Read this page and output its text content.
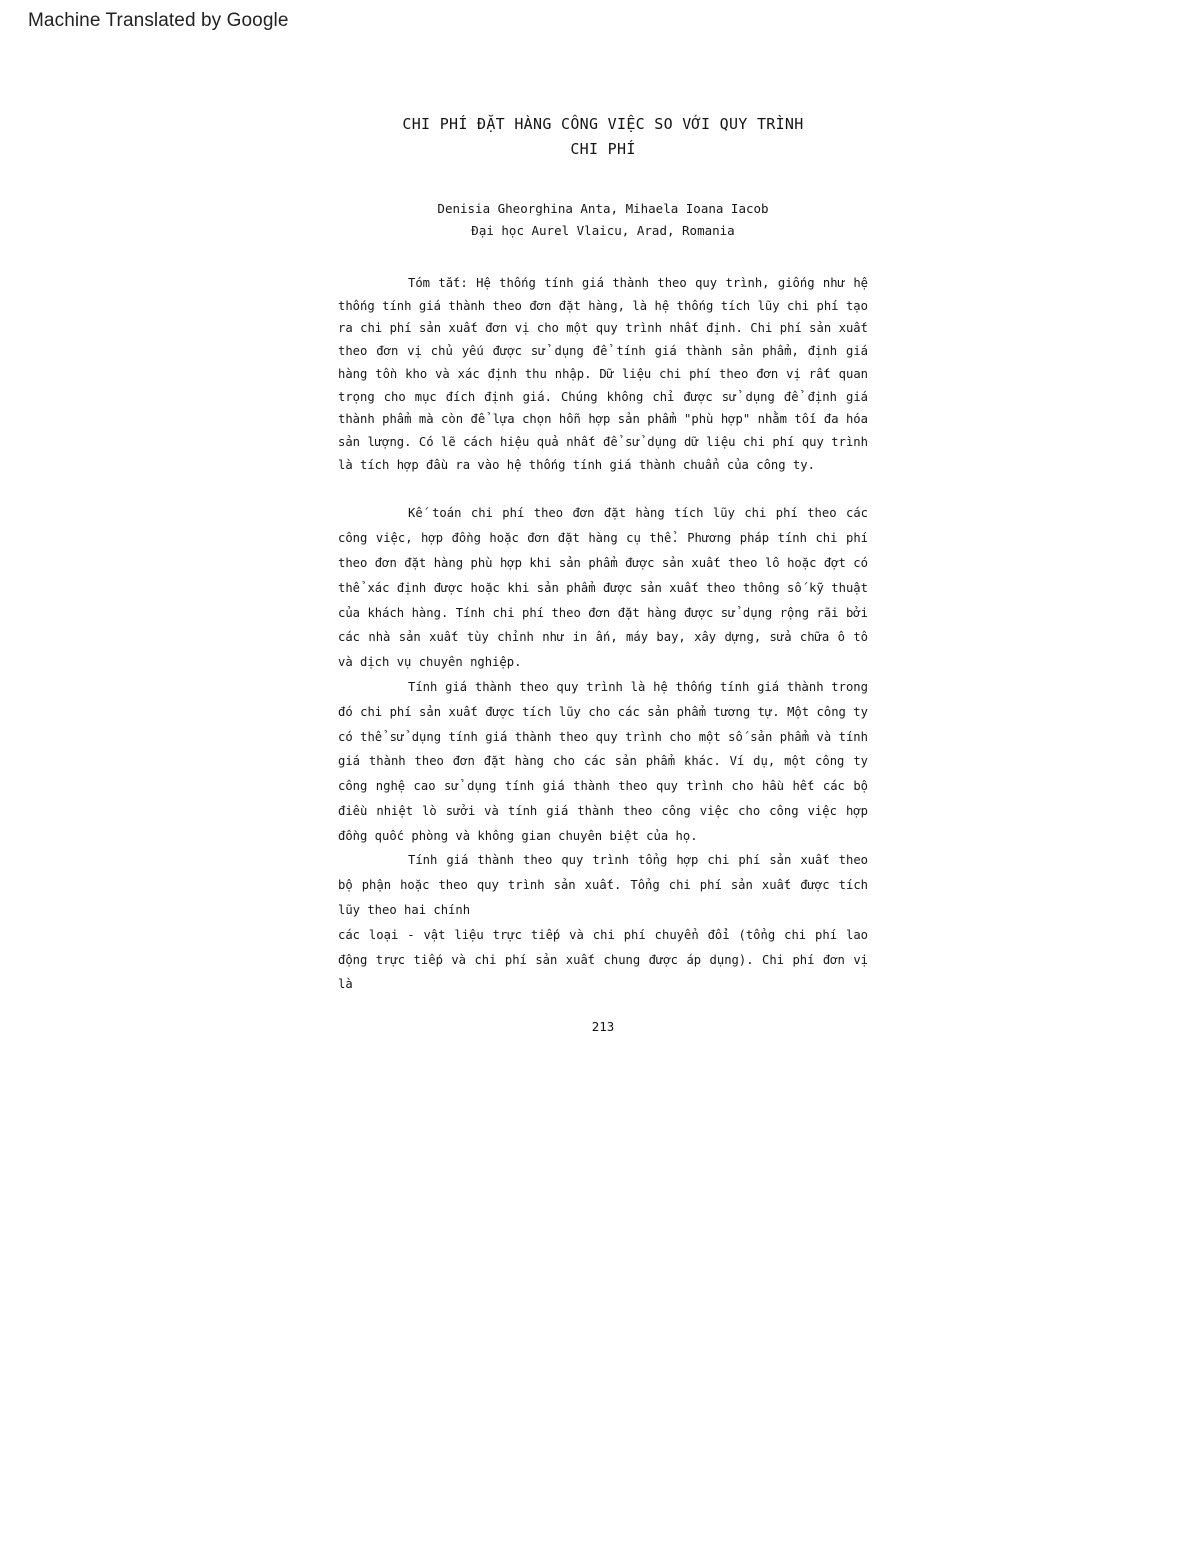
Machine Translated by Google
CHI PHÍ ĐẶT HÀNG CÔNG VIỆC SO VỚI QUY TRÌNH
CHI PHÍ
Denisia Gheorghina Anta, Mihaela Ioana Iacob
Đại học Aurel Vlaicu, Arad, Romania

Tóm tắt: Hệ thống tính giá thành theo quy trình, giống như hệ thống tính giá thành theo đơn đặt hàng, là hệ thống tích lũy chi phí tạo ra chi phí sản xuất đơn vị cho một quy trình nhất định. Chi phí sản xuất theo đơn vị chủ yếu được sử dụng để tính giá thành sản phẩm, định giá hàng tồn kho và xác định thu nhập. Dữ liệu chi phí theo đơn vị rất quan trọng cho mục đích định giá. Chúng không chỉ được sử dụng để định giá thành phẩm mà còn để lựa chọn hỗn hợp sản phẩm "phù hợp" nhằm tối đa hóa sản lượng. Có lẽ cách hiệu quả nhất để sử dụng dữ liệu chi phí quy trình là tích hợp đầu ra vào hệ thống tính giá thành chuẩn của công ty.

Kế toán chi phí theo đơn đặt hàng tích lũy chi phí theo các công việc, hợp đồng hoặc đơn đặt hàng cụ thể. Phương pháp tính chi phí theo đơn đặt hàng phù hợp khi sản phẩm được sản xuất theo lô hoặc đợt có thể xác định được hoặc khi sản phẩm được sản xuất theo thông số kỹ thuật của khách hàng. Tính chi phí theo đơn đặt hàng được sử dụng rộng rãi bởi các nhà sản xuất tùy chỉnh như in ấn, máy bay, xây dựng, sửa chữa ô tô và dịch vụ chuyên nghiệp.

Tính giá thành theo quy trình là hệ thống tính giá thành trong đó chi phí sản xuất được tích lũy cho các sản phẩm tương tự. Một công ty có thể sử dụng tính giá thành theo quy trình cho một số sản phẩm và tính giá thành theo đơn đặt hàng cho các sản phẩm khác. Ví dụ, một công ty công nghệ cao sử dụng tính giá thành theo quy trình cho hầu hết các bộ điều nhiệt lò sưởi và tính giá thành theo công việc cho công việc hợp đồng quốc phòng và không gian chuyên biệt của họ.

Tính giá thành theo quy trình tổng hợp chi phí sản xuất theo bộ phận hoặc theo quy trình sản xuất. Tổng chi phí sản xuất được tích lũy theo hai chính

các loại - vật liệu trực tiếp và chi phí chuyển đổi (tổng chi phí lao động trực tiếp và chi phí sản xuất chung được áp dụng). Chi phí đơn vị là

213
